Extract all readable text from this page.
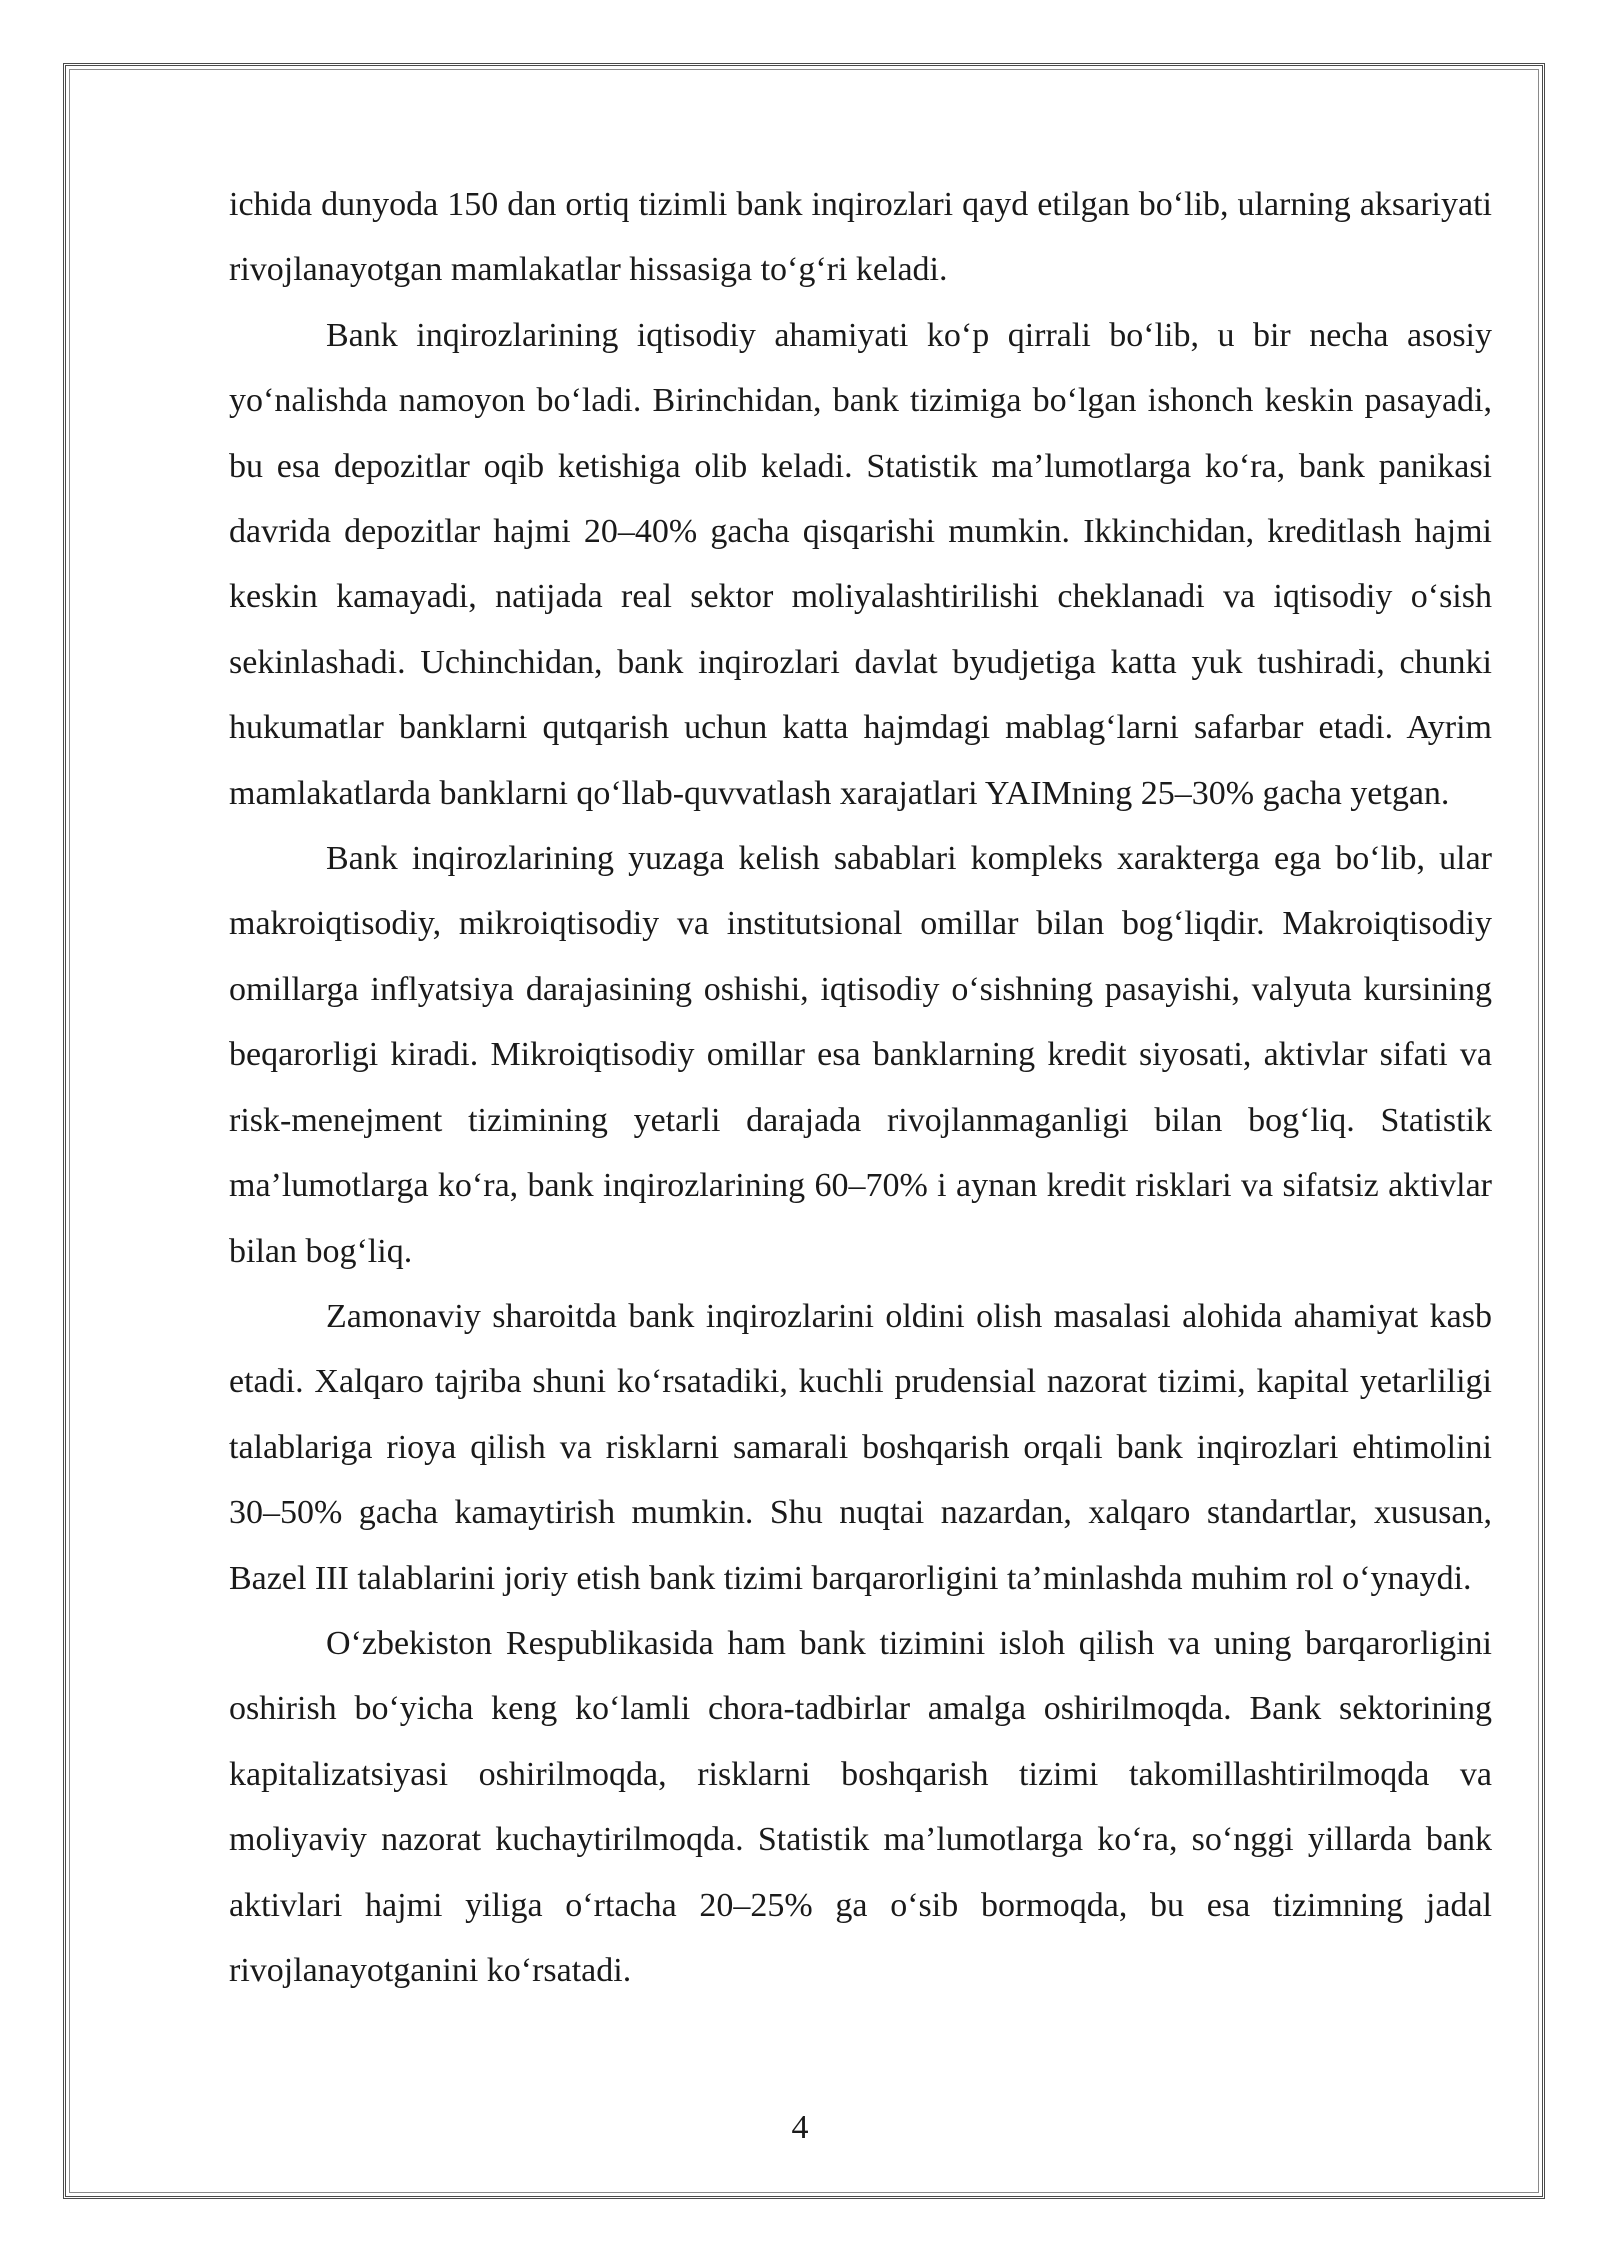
ichida dunyoda 150 dan ortiq tizimli bank inqirozlari qayd etilgan bo‘lib, ularning aksariyati rivojlanayotgan mamlakatlar hissasiga to‘g‘ri keladi.

Bank inqirozlarining iqtisodiy ahamiyati ko‘p qirrali bo‘lib, u bir necha asosiy yo‘nalishda namoyon bo‘ladi. Birinchidan, bank tizimiga bo‘lgan ishonch keskin pasayadi, bu esa depozitlar oqib ketishiga olib keladi. Statistik ma’lumotlarga ko‘ra, bank panikasi davrida depozitlar hajmi 20–40% gacha qisqarishi mumkin. Ikkinchidan, kreditlash hajmi keskin kamayadi, natijada real sektor moliyalashtirilishi cheklanadi va iqtisodiy o‘sish sekinlashadi. Uchinchidan, bank inqirozlari davlat byudjetiga katta yuk tushiradi, chunki hukumatlar banklarni qutqarish uchun katta hajmdagi mablag‘larni safarbar etadi. Ayrim mamlakatlarda banklarni qo‘llab-quvvatlash xarajatlari YAIMning 25–30% gacha yetgan.

Bank inqirozlarining yuzaga kelish sabablari kompleks xarakterga ega bo‘lib, ular makroiqtisodiy, mikroiqtisodiy va institutsional omillar bilan bog‘liqdir. Makroiqtisodiy omillarga inflyatsiya darajasining oshishi, iqtisodiy o‘sishning pasayishi, valyuta kursining beqarorligi kiradi. Mikroiqtisodiy omillar esa banklarning kredit siyosati, aktivlar sifati va risk-menejment tizimining yetarli darajada rivojlanmaganligi bilan bog‘liq. Statistik ma’lumotlarga ko‘ra, bank inqirozlarining 60–70% i aynan kredit risklari va sifatsiz aktivlar bilan bog‘liq.

Zamonaviy sharoitda bank inqirozlarini oldini olish masalasi alohida ahamiyat kasb etadi. Xalqaro tajriba shuni ko‘rsatadiki, kuchli prudensial nazorat tizimi, kapital yetarliligi talablariga rioya qilish va risklarni samarali boshqarish orqali bank inqirozlari ehtimolini 30–50% gacha kamaytirish mumkin. Shu nuqtai nazardan, xalqaro standartlar, xususan, Bazel III talablarini joriy etish bank tizimi barqarorligini ta’minlashda muhim rol o‘ynaydi.

O‘zbekiston Respublikasida ham bank tizimini isloh qilish va uning barqarorligini oshirish bo‘yicha keng ko‘lamli chora-tadbirlar amalga oshirilmoqda. Bank sektorining kapitalizatsiyasi oshirilmoqda, risklarni boshqarish tizimi takomillashtirilmoqda va moliyaviy nazorat kuchaytirilmoqda. Statistik ma’lumotlarga ko‘ra, so‘nggi yillarda bank aktivlari hajmi yiliga o‘rtacha 20–25% ga o‘sib bormoqda, bu esa tizimning jadal rivojlanayotganini ko‘rsatadi.

4
